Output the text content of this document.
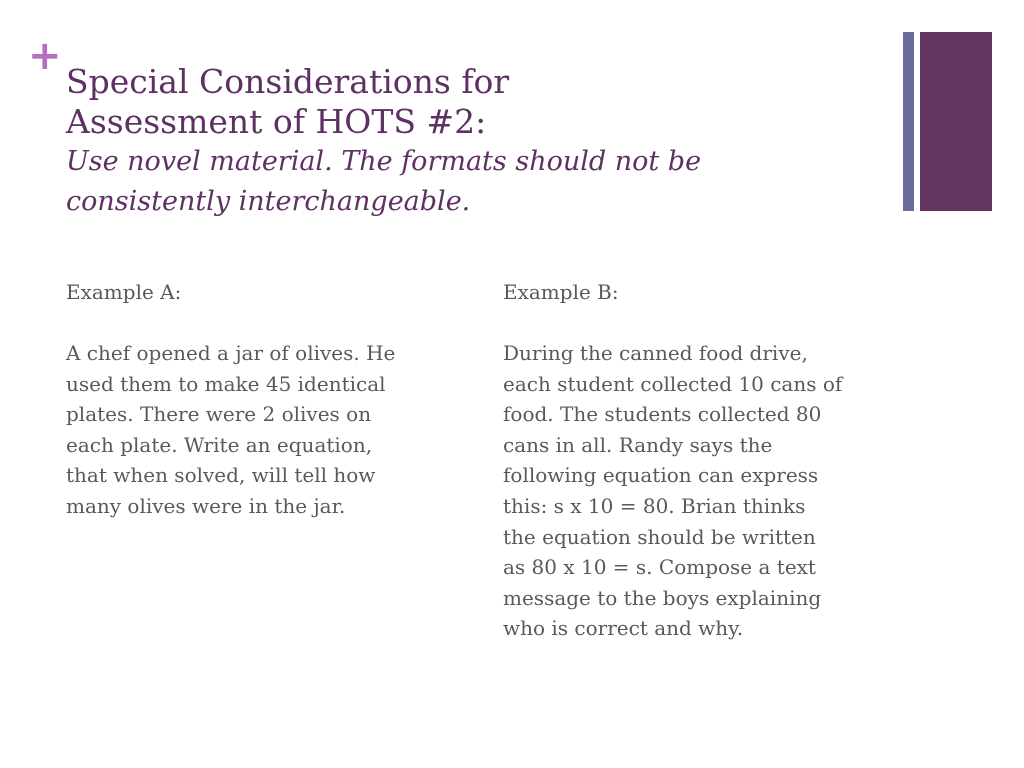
+

Special Considerations for

Assessment of HOTS #2:

Use novel material. The formats should not be

consistently interchangeable.

Example A:

A chef opened a jar of olives. He
used them to make 45 identical
plates. There were 2 olives on
each plate. Write an equation,
that when solved, will tell how
many olives were in the jar.

Example B:

During the canned food drive,
each student collected 10 cans of
food. The students collected 80
cans in all. Randy says the
following equation can express
this: s x 10 = 80. Brian thinks
the equation should be written
as 80 x 10 = s. Compose a text
message to the boys explaining
who is correct and why.
